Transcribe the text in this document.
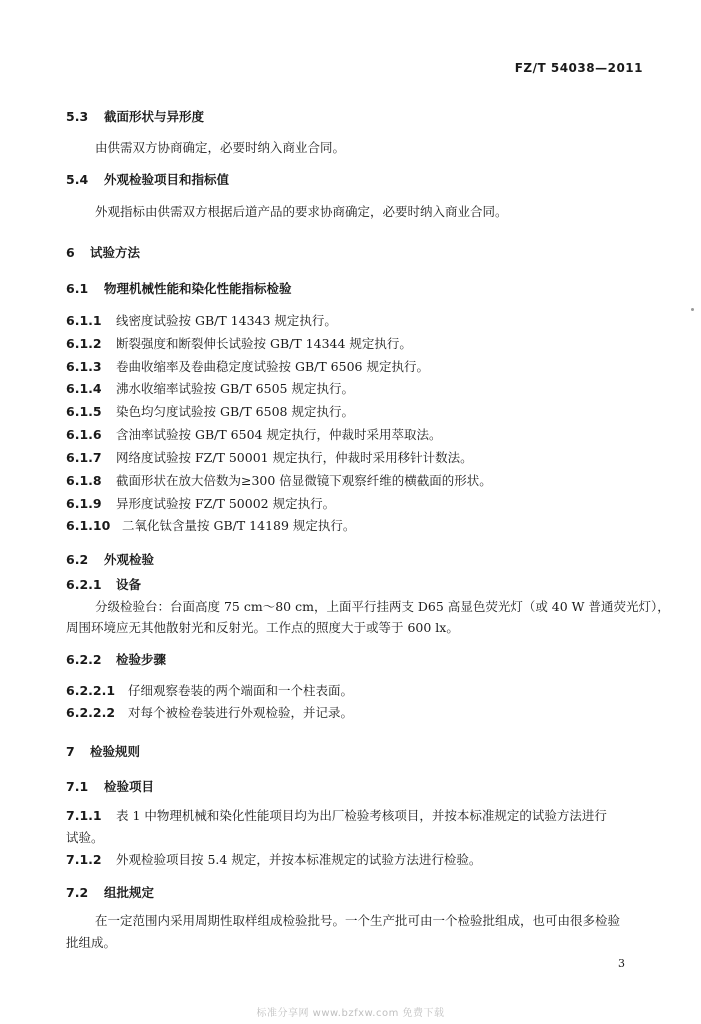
FZ/T 54038—2011
5.3 截面形状与异形度
由供需双方协商确定，必要时纳入商业合同。
5.4 外观检验项目和指标值
外观指标由供需双方根据后道产品的要求协商确定，必要时纳入商业合同。
6 试验方法
6.1 物理机械性能和染化性能指标检验
6.1.1 线密度试验按 GB/T 14343 规定执行。
6.1.2 断裂强度和断裂伸长试验按 GB/T 14344 规定执行。
6.1.3 卷曲收缩率及卷曲稳定度试验按 GB/T 6506 规定执行。
6.1.4 沸水收缩率试验按 GB/T 6505 规定执行。
6.1.5 染色均匀度试验按 GB/T 6508 规定执行。
6.1.6 含油率试验按 GB/T 6504 规定执行，仲裁时采用萃取法。
6.1.7 网络度试验按 FZ/T 50001 规定执行，仲裁时采用移针计数法。
6.1.8 截面形状在放大倍数为≥300 倍显微镜下观察纤维的横截面的形状。
6.1.9 异形度试验按 FZ/T 50002 规定执行。
6.1.10 二氧化钛含量按 GB/T 14189 规定执行。
6.2 外观检验
6.2.1 设备
分级检验台：台面高度 75 cm～80 cm，上面平行挂两支 D65 高显色荧光灯（或 40 W 普通荧光灯），
周围环境应无其他散射光和反射光。工作点的照度大于或等于 600 lx。
6.2.2 检验步骤
6.2.2.1 仔细观察卷装的两个端面和一个柱表面。
6.2.2.2 对每个被检卷装进行外观检验，并记录。
7 检验规则
7.1 检验项目
7.1.1 表 1 中物理机械和染化性能项目均为出厂检验考核项目，并按本标准规定的试验方法进行
试验。
7.1.2 外观检验项目按 5.4 规定，并按本标准规定的试验方法进行检验。
7.2 组批规定
在一定范围内采用周期性取样组成检验批号。一个生产批可由一个检验批组成，也可由很多检验
批组成。
3
标准分享网 www.bzfxw.com 免费下载
